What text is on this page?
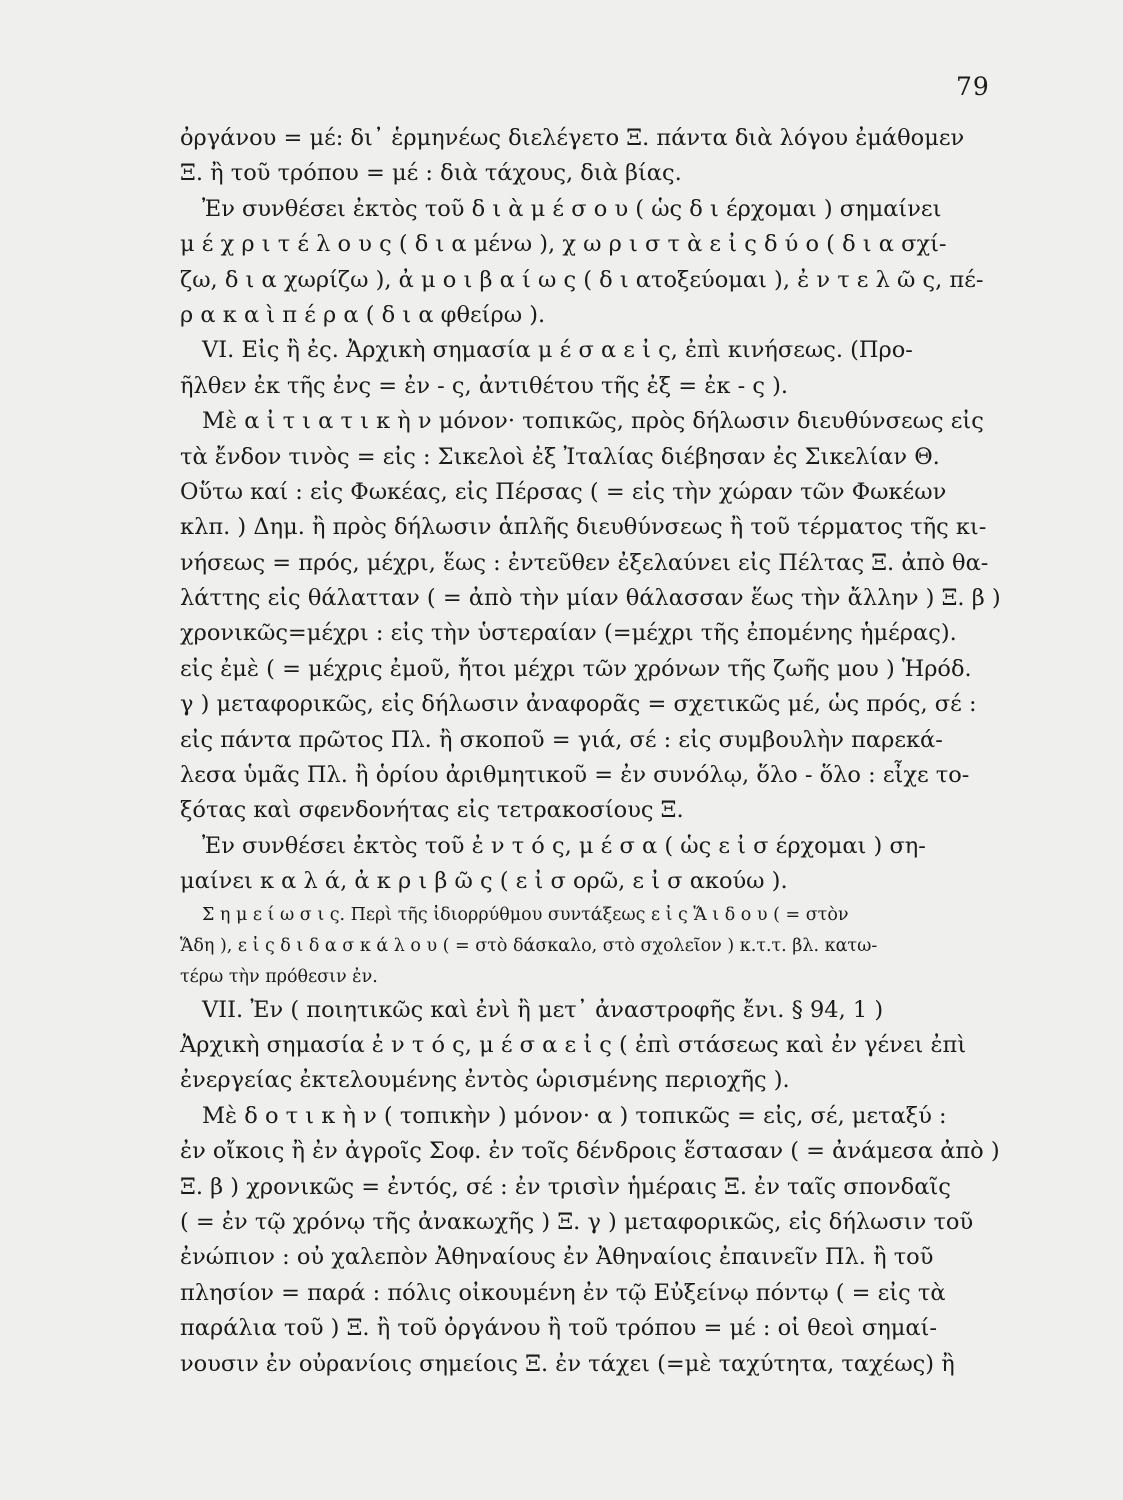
79
ὀργάνου = μέ: δι᾽ ἑρμηνέως διελέγετο Ξ. πάντα διὰ λόγου ἐμάθομεν
Ξ. ἢ τοῦ τρόπου = μέ : διὰ τάχους, διὰ βίας.
Ἐν συνθέσει ἐκτὸς τοῦ δ ι ὰ μ έ σ ο υ ( ὡς δ ι έρχομαι ) σημαίνει
μ έ χ ρ ι τ έ λ ο υ ς ( δ ι α μένω ), χ ω ρ ι σ τ ὰ ε ἰ ς δ ύ ο ( δ ι α σχί-
ζω, δ ι α χωρίζω ), ἀ μ ο ι β α ί ω ς ( δ ι ατοξεύομαι ), ἐ ν τ ε λ ῶ ς, πέ-
ρ α κ α ὶ π έ ρ α ( δ ι α φθείρω ).
VI. Εἰς ἢ ἐς. Ἀρχικὴ σημασία μ έ σ α ε ἰ ς, ἐπὶ κινήσεως. (Προ-
ῆλθεν ἐκ τῆς ἐνς = ἐν - ς, ἀντιθέτου τῆς ἐξ = ἐκ - ς ).
Μὲ α ἰ τ ι α τ ι κ ὴ ν μόνον· τοπικῶς, πρὸς δήλωσιν διευθύνσεως εἰς
τὰ ἔνδον τινὸς = εἰς : Σικελοὶ ἐξ Ἰταλίας διέβησαν ἐς Σικελίαν Θ.
Οὕτω καί : εἰς Φωκέας, εἰς Πέρσας ( = εἰς τὴν χώραν τῶν Φωκέων
κλπ. ) Δημ. ἢ πρὸς δήλωσιν ἁπλῆς διευθύνσεως ἢ τοῦ τέρματος τῆς κι-
νήσεως = πρός, μέχρι, ἕως : ἐντεῦθεν ἐξελαύνει εἰς Πέλτας Ξ. ἀπὸ θα-
λάττης εἰς θάλατταν ( = ἀπὸ τὴν μίαν θάλασσαν ἕως τὴν ἄλλην ) Ξ. β )
χρονικῶς=μέχρι : εἰς τὴν ὑστεραίαν (=μέχρι τῆς ἐπομένης ἡμέρας).
εἰς ἐμὲ ( = μέχρις ἐμοῦ, ἤτοι μέχρι τῶν χρόνων τῆς ζωῆς μου ) Ἡρόδ.
γ ) μεταφορικῶς, εἰς δήλωσιν ἀναφορᾶς = σχετικῶς μέ, ὡς πρός, σέ :
εἰς πάντα πρῶτος Πλ. ἢ σκοποῦ = γιά, σέ : εἰς συμβουλὴν παρεκά-
λεσα ὑμᾶς Πλ. ἢ ὁρίου ἀριθμητικοῦ = ἐν συνόλῳ, ὅλο - ὅλο : εἶχε το-
ξότας καὶ σφενδονήτας εἰς τετρακοσίους Ξ.
Ἐν συνθέσει ἐκτὸς τοῦ ἐ ν τ ό ς, μ έ σ α ( ὡς ε ἰ σ έρχομαι ) ση-
μαίνει κ α λ ά, ἀ κ ρ ι β ῶ ς ( ε ἰ σ ορῶ, ε ἰ σ ακούω ).
Σ η μ ε ί ω σ ι ς. Περὶ τῆς ἰδιορρύθμου συντάξεως ε ἰ ς Ἅ ι δ ο υ ( = στὸν
Ἅδη ), ε ἰ ς δ ι δ α σ κ ά λ ο υ ( = στὸ δάσκαλο, στὸ σχολεῖον ) κ.τ.τ. βλ. κατω-
τέρω τὴν πρόθεσιν ἐν.
VII. Ἐν ( ποιητικῶς καὶ ἐνὶ ἢ μετ᾽ ἀναστροφῆς ἔνι. § 94, 1 )
Ἀρχικὴ σημασία ἐ ν τ ό ς, μ έ σ α ε ἰ ς ( ἐπὶ στάσεως καὶ ἐν γένει ἐπὶ
ἐνεργείας ἐκτελουμένης ἐντὸς ὡρισμένης περιοχῆς ).
Μὲ δ ο τ ι κ ὴ ν ( τοπικὴν ) μόνον· α ) τοπικῶς = εἰς, σέ, μεταξύ :
ἐν οἴκοις ἢ ἐν ἀγροῖς Σοφ. ἐν τοῖς δένδροις ἕστασαν ( = ἀνάμεσα ἀπὸ )
Ξ. β ) χρονικῶς = ἐντός, σέ : ἐν τρισὶν ἡμέραις Ξ. ἐν ταῖς σπονδαῖς
( = ἐν τῷ χρόνῳ τῆς ἀνακωχῆς ) Ξ. γ ) μεταφορικῶς, εἰς δήλωσιν τοῦ
ἐνώπιον : οὐ χαλεπὸν Ἀθηναίους ἐν Ἀθηναίοις ἐπαινεῖν Πλ. ἢ τοῦ
πλησίον = παρά : πόλις οἰκουμένη ἐν τῷ Εὐξείνῳ πόντῳ ( = εἰς τὰ
παράλια τοῦ ) Ξ. ἢ τοῦ ὀργάνου ἢ τοῦ τρόπου = μέ : οἱ θεοὶ σημαί-
νουσιν ἐν οὐρανίοις σημείοις Ξ. ἐν τάχει (=μὲ ταχύτητα, ταχέως) ἢ
